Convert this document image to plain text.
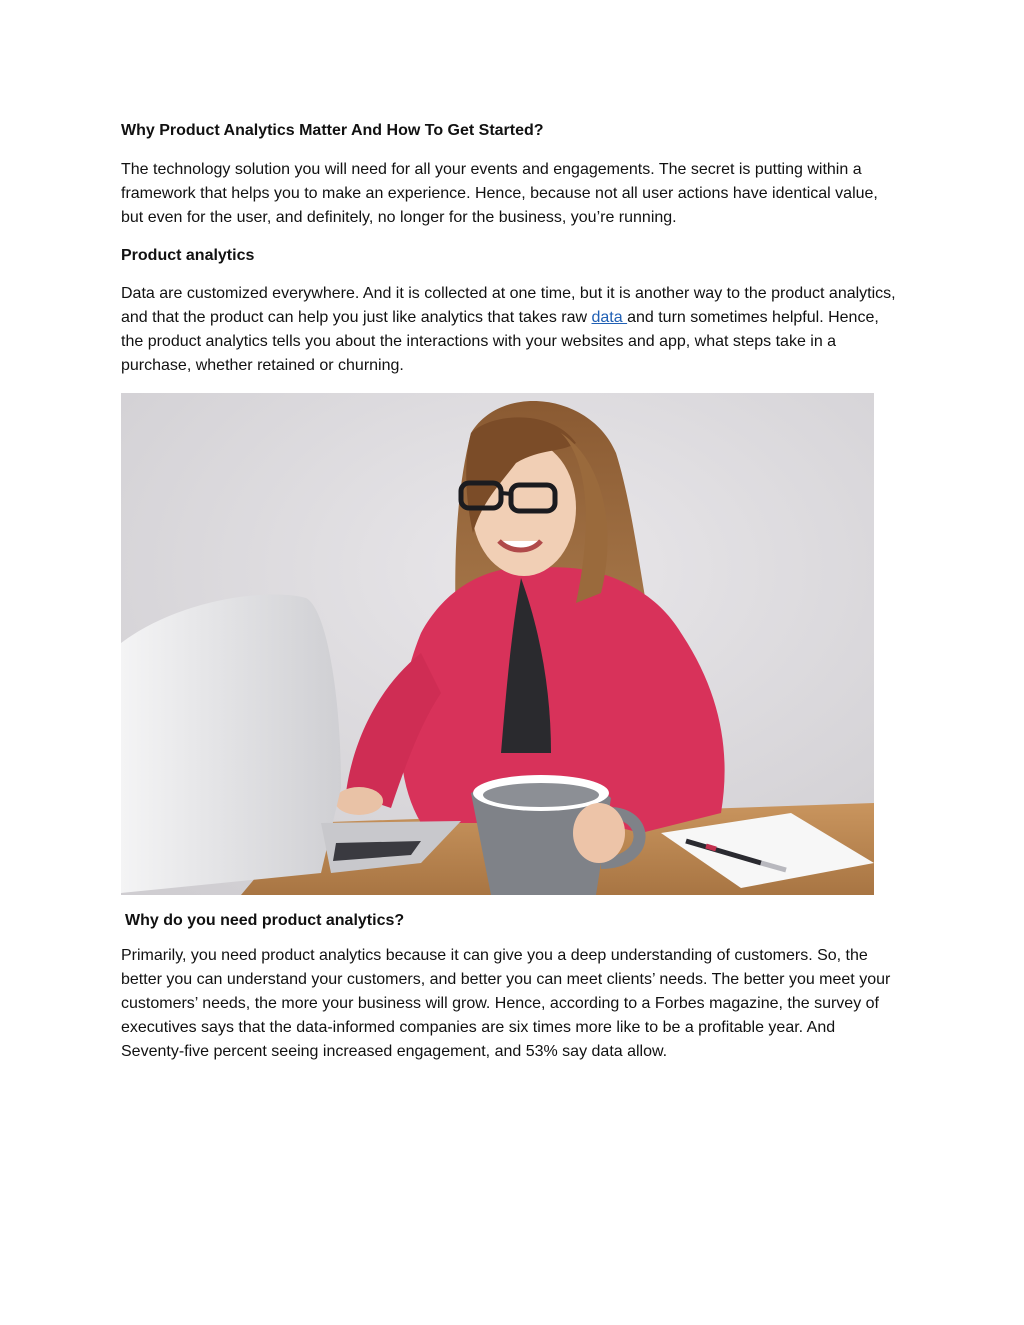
Why Product Analytics Matter And How To Get Started?
The technology solution you will need for all your events and engagements. The secret is putting within a framework that helps you to make an experience. Hence, because not all user actions have identical value, but even for the user, and definitely, no longer for the business, you’re running.
Product analytics
Data are customized everywhere. And it is collected at one time, but it is another way to the product analytics, and that the product can help you just like analytics that takes raw data and turn sometimes helpful. Hence, the product analytics tells you about the interactions with your websites and app, what steps take in a purchase, whether retained or churning.
Why do you need product analytics?
Primarily, you need product analytics because it can give you a deep understanding of customers. So, the better you can understand your customers, and better you can meet clients’ needs. The better you meet your customers’ needs, the more your business will grow. Hence, according to a Forbes magazine, the survey of executives says that the data-informed companies are six times more like to be a profitable year. And Seventy-five percent seeing increased engagement, and 53% say data allow.
